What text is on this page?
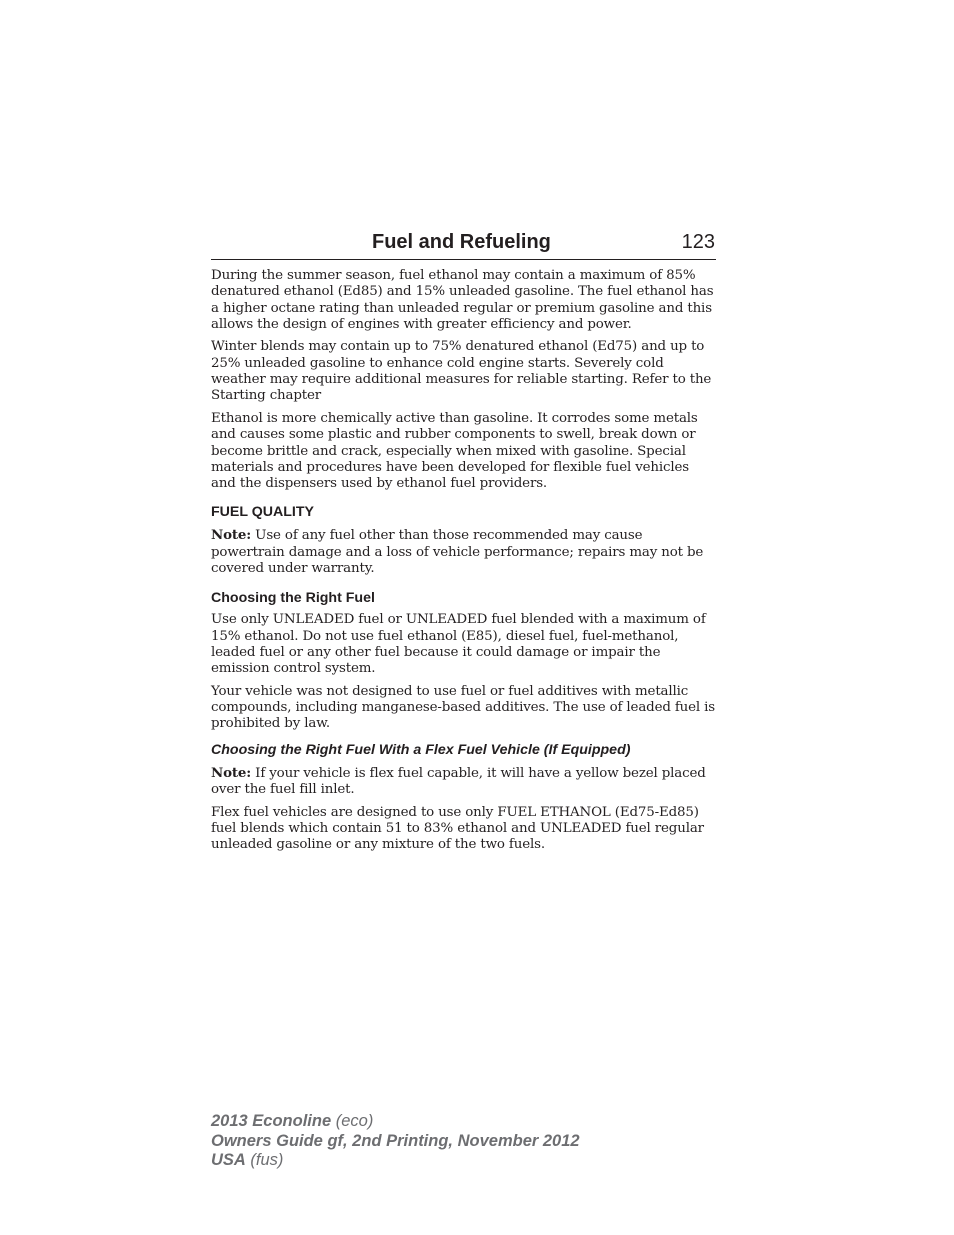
Fuel and Refueling	123

During the summer season, fuel ethanol may contain a maximum of 85% denatured ethanol (Ed85) and 15% unleaded gasoline. The fuel ethanol has a higher octane rating than unleaded regular or premium gasoline and this allows the design of engines with greater efficiency and power.

Winter blends may contain up to 75% denatured ethanol (Ed75) and up to 25% unleaded gasoline to enhance cold engine starts. Severely cold weather may require additional measures for reliable starting. Refer to the Starting chapter

Ethanol is more chemically active than gasoline. It corrodes some metals and causes some plastic and rubber components to swell, break down or become brittle and crack, especially when mixed with gasoline. Special materials and procedures have been developed for flexible fuel vehicles and the dispensers used by ethanol fuel providers.

FUEL QUALITY

Note: Use of any fuel other than those recommended may cause powertrain damage and a loss of vehicle performance; repairs may not be covered under warranty.

Choosing the Right Fuel

Use only UNLEADED fuel or UNLEADED fuel blended with a maximum of 15% ethanol. Do not use fuel ethanol (E85), diesel fuel, fuel-methanol, leaded fuel or any other fuel because it could damage or impair the emission control system.

Your vehicle was not designed to use fuel or fuel additives with metallic compounds, including manganese-based additives. The use of leaded fuel is prohibited by law.

Choosing the Right Fuel With a Flex Fuel Vehicle (If Equipped)

Note: If your vehicle is flex fuel capable, it will have a yellow bezel placed over the fuel fill inlet.

Flex fuel vehicles are designed to use only FUEL ETHANOL (Ed75-Ed85) fuel blends which contain 51 to 83% ethanol and UNLEADED fuel regular unleaded gasoline or any mixture of the two fuels.

2013 Econoline (eco)
Owners Guide gf, 2nd Printing, November 2012
USA (fus)
